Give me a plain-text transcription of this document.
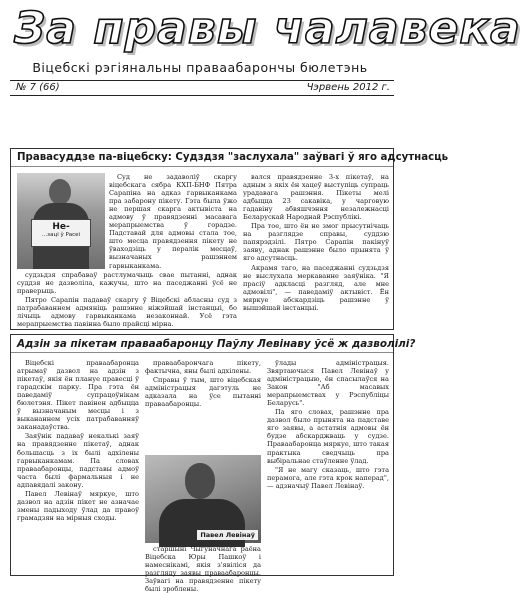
За правы чалавека
Віцебскі рэгіянальны праваабарончы бюлетэнь
№ 7 (66)	Чэрвень 2012 г.
Правасуддзе па-віцебску: Судздзя "заслухала" заўвагі ў яго адсутнасць
Не-
...заці ў Расеі

Суд не задаволіў скаргу віцебскага сябра КХП-БНФ Пятра Сарапіна на адказ гарвыканкама пра забарону пікету. Гэта была ўжо не першая скарга актывіста на адмову ў правядзенні масавага мерапрыемства ў горадзе. Падставай для адмовы стала тое, што месца правядзення пікету не ўваходзіць у пералік месцаў, вызначаных рашэннем гарвыканкама.

судзьдзя спрабаваў растлумачыць свае пытанні, аднак суддзя не дазволіла, кажучы, што на паседжанні ўсё не праверыць.

Пятро Сарапін падаваў скаргу ў Віцебскі абласны суд з патрабаваннем адмяніць рашэнне ніжэйшай інстанцыі, бо лічыць адмову гарвыканкама незаконнай. Усё гэта мерапрыемства павінна было прайсці мірна.

вался правядзенне 3-х пікетаў, на адным з якіх ён хацеў выступіць супраць урадавага рашэння. Пікеты мелі адбыцца 23 сакавіка, у чарговую гадавіну абвяшчэння незалежнасці Беларускай Народнай Рэспублікі.

Пра тое, што ён не змог прысутнічаць на разглядзе справы, суддзю папярэдзілі. Пятро Сарапін пакінуў заяву, аднак рашэнне было прынята ў яго адсутнасць.

Акрамя таго, на паседжанні судзьдзя не выслухала меркаванне заяўніка. "Я прасіў адкласці разгляд, але мне адмовілі", — паведаміў актывіст. Ён мяркуе абскардзіць рашэнне ў вышэйшай інстанцыі.

Адзін за пікетам праваабаронцу Паўлу Левінаву ўсё ж дазволілі?

Віцебскі праваабаронца атрымаў дазвол на адзін з пікетаў, якія ён плануе правесці ў гарадскім парку. Пра гэта ён паведаміў супрацоўнікам бюлетэня. Пікет павінен адбыцца ў вызначаным месцы і з выкананнем усіх патрабаванняў заканадаўства.

Заяўнік падаваў некалькі заяў на правядзенне пікетаў, аднак большасць з іх былі адхілены гарвыканкамам. Па словах праваабаронцы, падставы адмоў часта былі фармальныя і не адпавядалі закону.

Павел Левінаў мяркуе, што дазвол на адзін пікет не азначае змены падыходу ўлад да правоў грамадзян на мірныя сходы.

праваабарончага пікету, фактычна, яны былі адхілены.

Справы ў тым, што віцебская адміністрацыя дагэтуль не адказала на ўсе пытанні праваабаронцы.

Павел Левінаў

старшыні Чыгуначнага раёна Віцебска Юры Пашкоў і намеснікамі, якія з'явіліся да разгляду заявы праваабаронцы. Заўвагі на правядзенне пікету былі зроблены.

ўлады адміністрацыя. Звяртаючыся Павел Левінаў у адміністрацыю, ён спасылаўся на Закон "Аб масавых мерапрыемствах у Рэспубліцы Беларусь".

Па яго словах, рашэнне пра дазвол было прынята на падставе яго заявы, а астатнія адмовы ён будзе абскарджваць у судзе. Праваабаронца мяркуе, што такая практыка сведчыць пра выбіральнае стаўленне ўлад.

"Я не магу сказаць, што гэта перамога, але гэта крок наперад", — адзначыў Павел Левінаў.
